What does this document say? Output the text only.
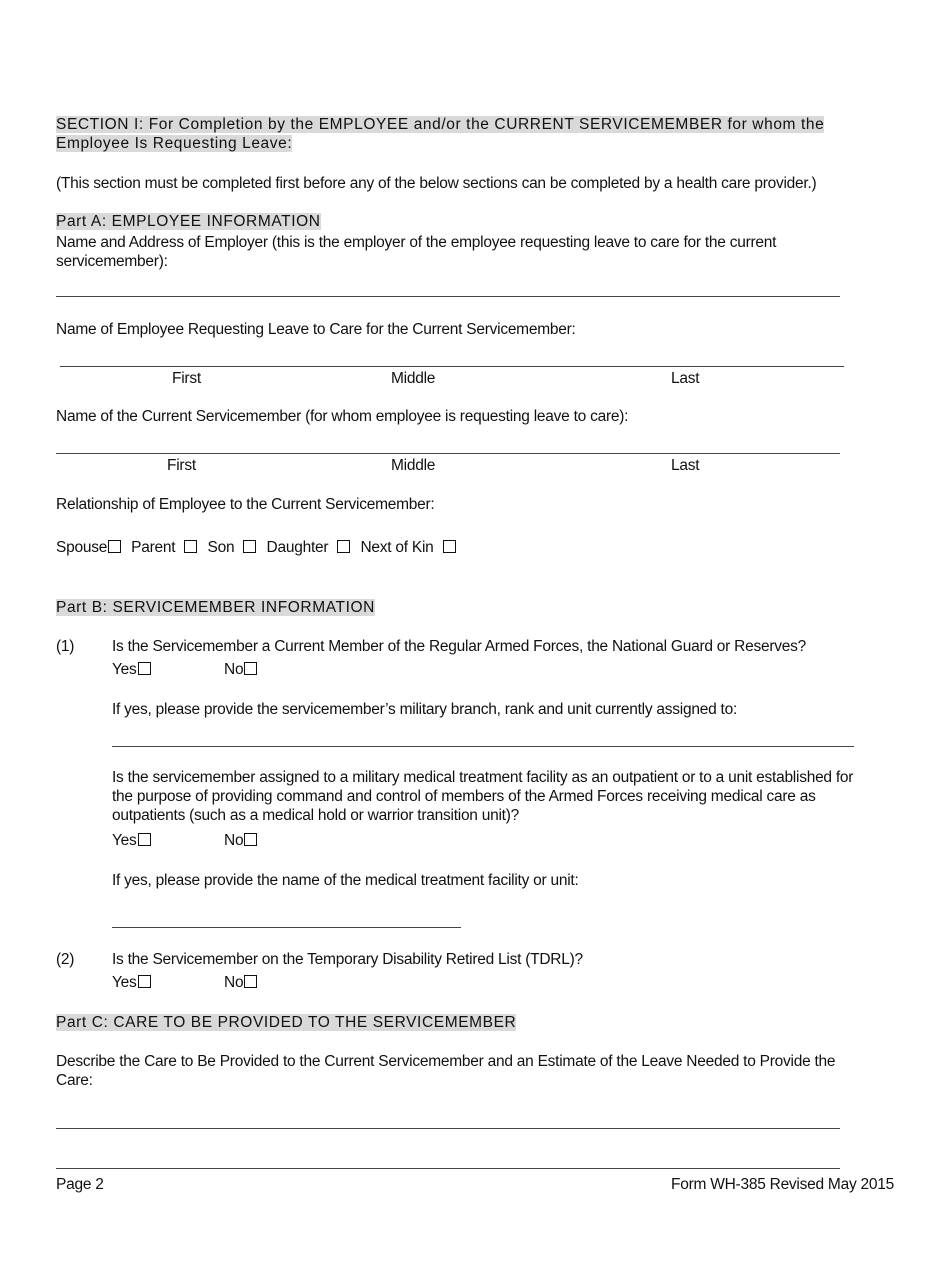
SECTION I: For Completion by the EMPLOYEE and/or the CURRENT SERVICEMEMBER for whom the
Employee Is Requesting Leave:
(This section must be completed first before any of the below sections can be completed by a health care provider.)
Part A: EMPLOYEE INFORMATION
Name and Address of Employer (this is the employer of the employee requesting leave to care for the current
servicemember):
Name of Employee Requesting Leave to Care for the Current Servicemember:
First	Middle	Last
Name of the Current Servicemember (for whom employee is requesting leave to care):
First	Middle	Last
Relationship of Employee to the Current Servicemember:
Spouse Parent Son Daughter Next of Kin
Part B: SERVICEMEMBER INFORMATION
(1) Is the Servicemember a Current Member of the Regular Armed Forces, the National Guard or Reserves?
Yes	No
If yes, please provide the servicemember’s military branch, rank and unit currently assigned to:
Is the servicemember assigned to a military medical treatment facility as an outpatient or to a unit established for
the purpose of providing command and control of members of the Armed Forces receiving medical care as
outpatients (such as a medical hold or warrior transition unit)?
Yes	No
If yes, please provide the name of the medical treatment facility or unit:
(2) Is the Servicemember on the Temporary Disability Retired List (TDRL)?
Yes	No
Part C: CARE TO BE PROVIDED TO THE SERVICEMEMBER
Describe the Care to Be Provided to the Current Servicemember and an Estimate of the Leave Needed to Provide the
Care:
Page 2	Form WH-385 Revised May 2015
